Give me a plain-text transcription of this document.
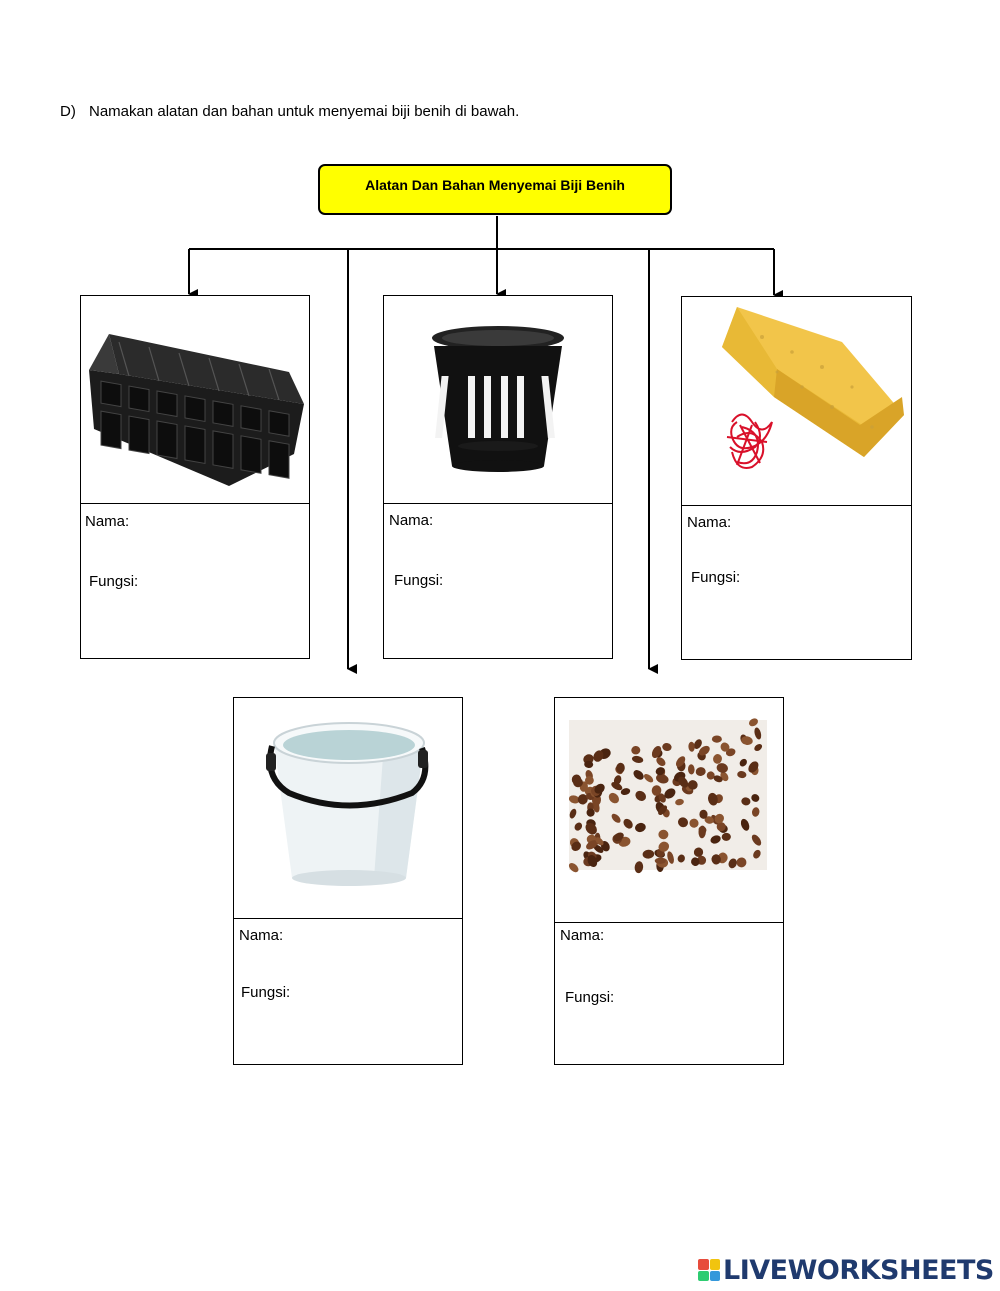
D) Namakan alatan dan bahan untuk menyemai biji benih di bawah.
Alatan Dan Bahan Menyemai Biji Benih
Nama:
Fungsi:
Nama:
Fungsi:
Nama:
Fungsi:
Nama:
Fungsi:
Nama:
Fungsi:
LIVEWORKSHEETS
